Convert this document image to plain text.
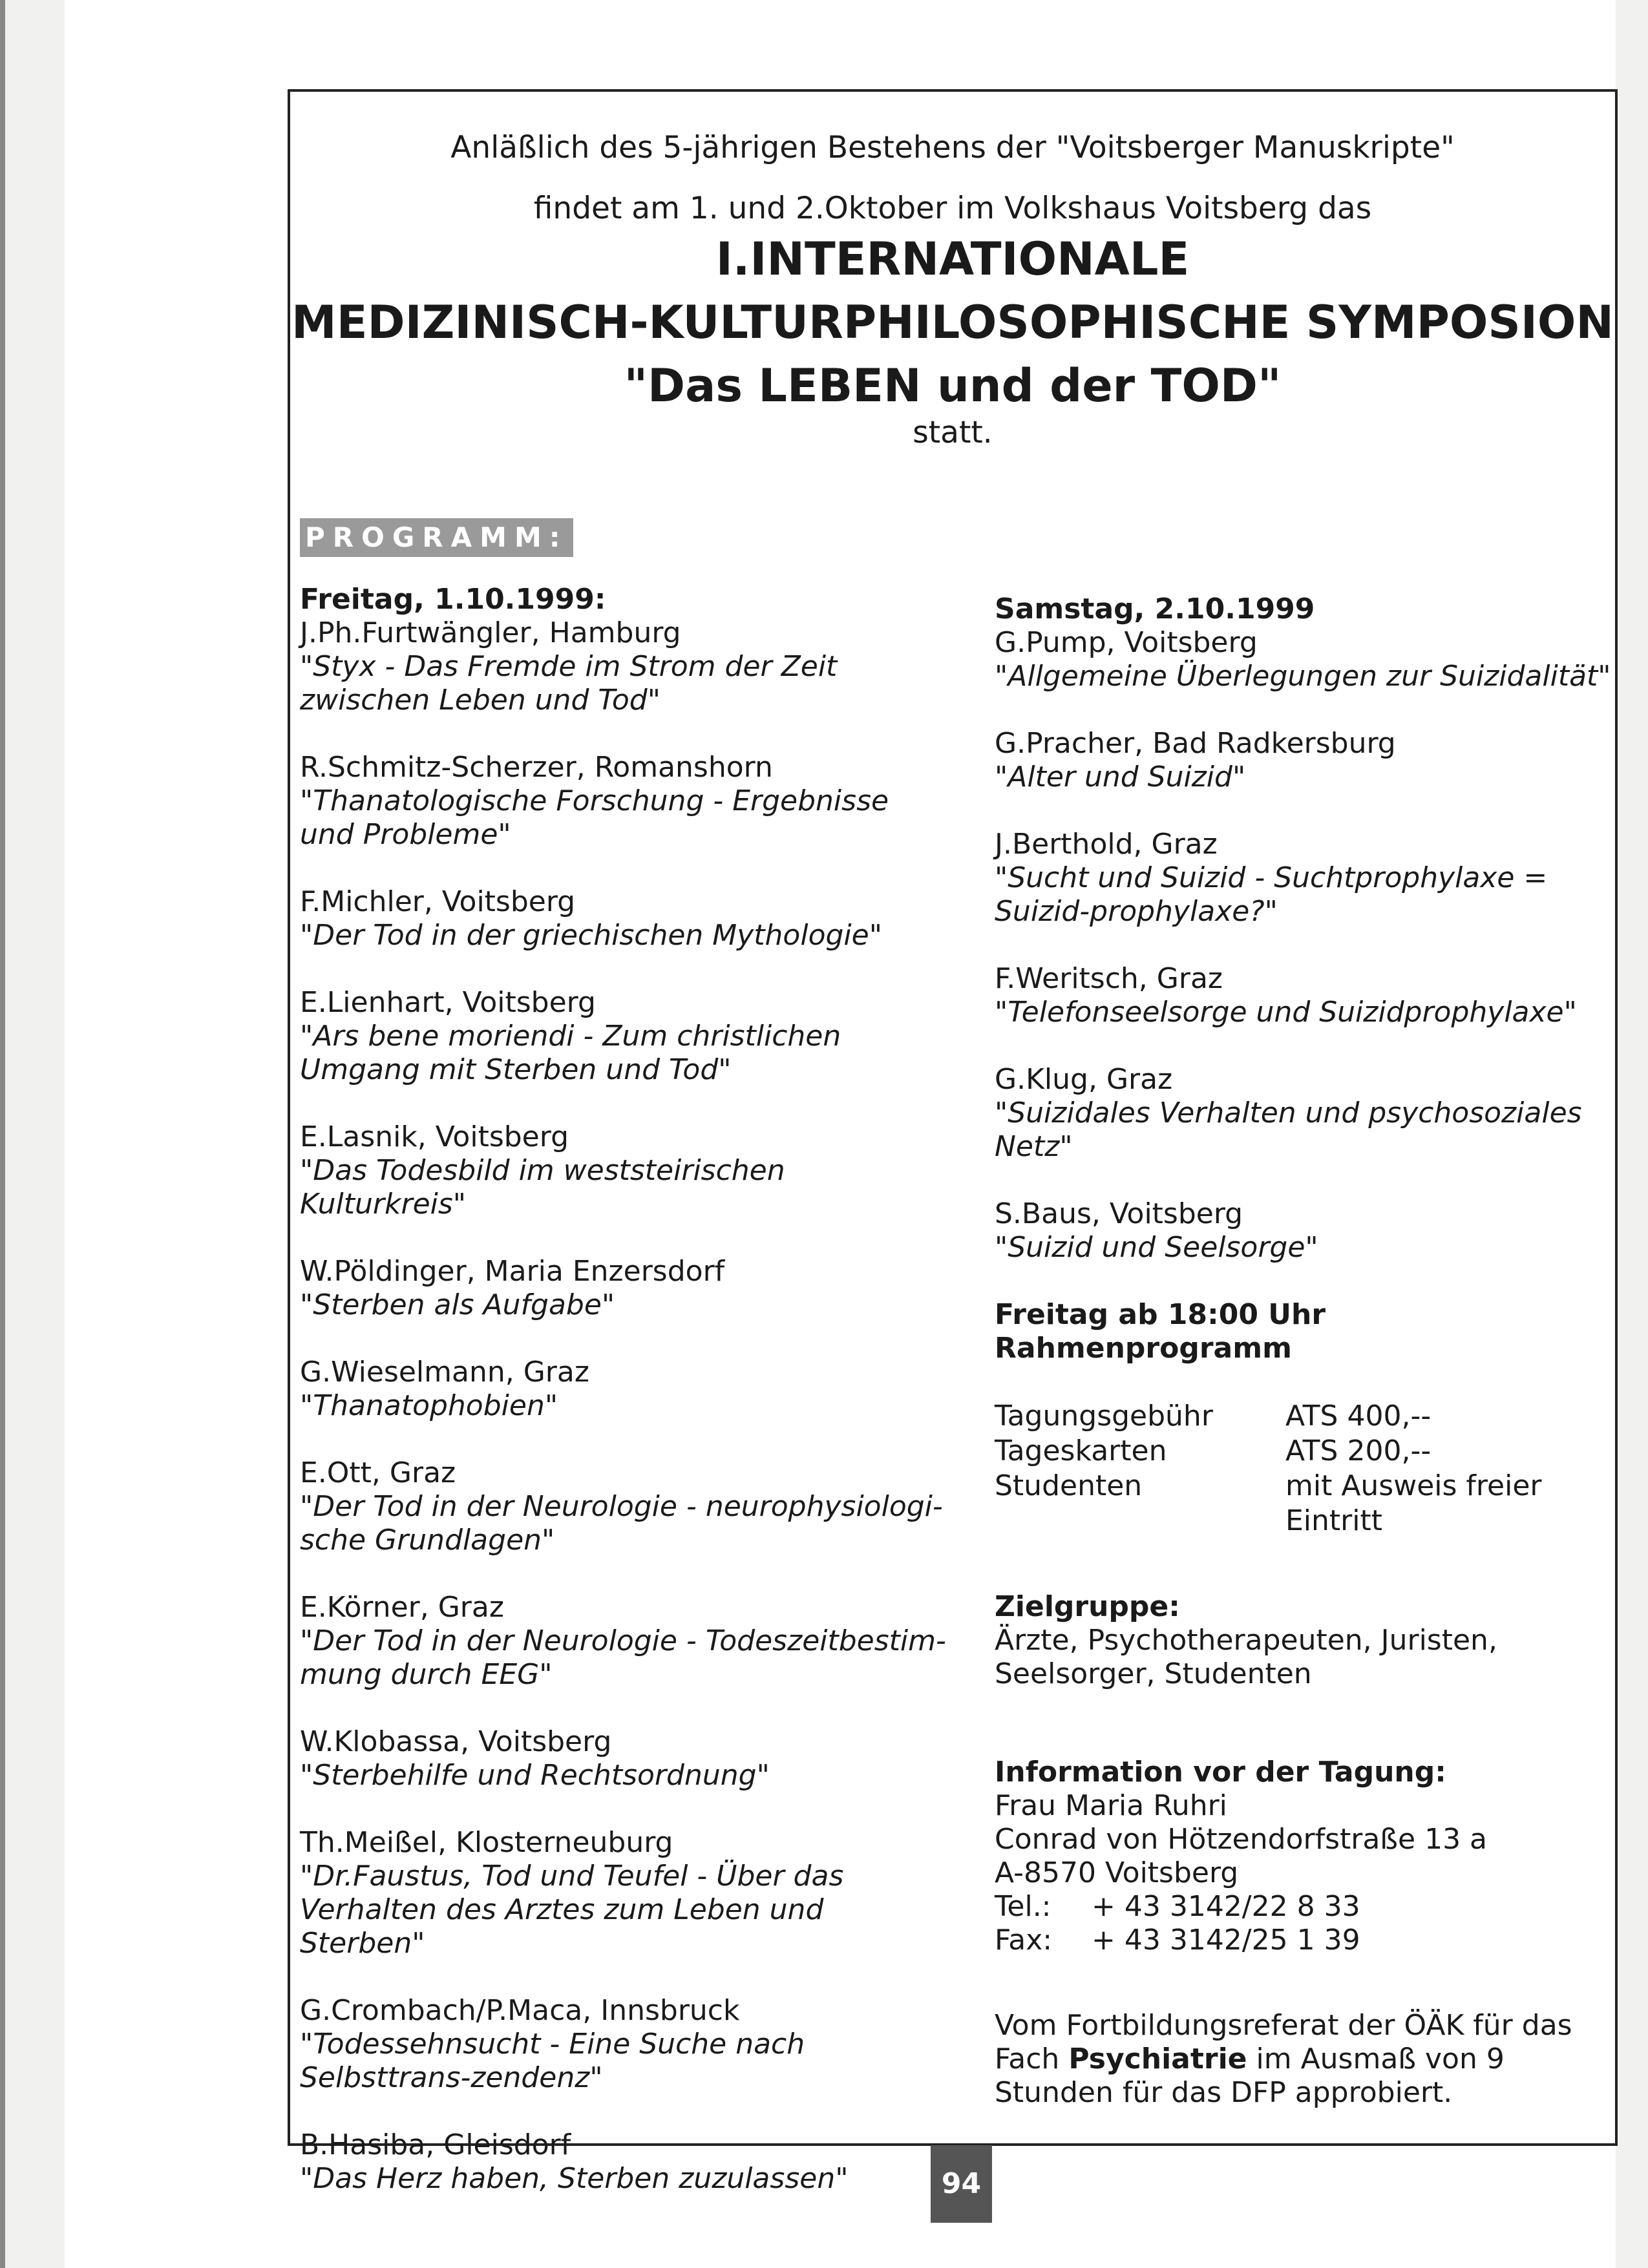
Anläßlich des 5-jährigen Bestehens der "Voitsberger Manuskripte"
findet am 1. und 2.Oktober im Volkshaus Voitsberg das
I.INTERNATIONALE
MEDIZINISCH-KULTURPHILOSOPHISCHE SYMPOSION
"Das LEBEN und der TOD"
statt.
PROGRAMM:
Freitag, 1.10.1999:
J.Ph.Furtwängler, Hamburg
"Styx - Das Fremde im Strom der Zeit zwischen Leben und Tod"
R.Schmitz-Scherzer, Romanshorn
"Thanatologische Forschung - Ergebnisse und Probleme"
F.Michler, Voitsberg
"Der Tod in der griechischen Mythologie"
E.Lienhart, Voitsberg
"Ars bene moriendi - Zum christlichen Umgang mit Sterben und Tod"
E.Lasnik, Voitsberg
"Das Todesbild im weststeirischen Kulturkreis"
W.Pöldinger, Maria Enzersdorf
"Sterben als Aufgabe"
G.Wieselmann, Graz
"Thanatophobien"
E.Ott, Graz
"Der Tod in der Neurologie - neurophysiologi-sche Grundlagen"
E.Körner, Graz
"Der Tod in der Neurologie - Todeszeitbestim-mung durch EEG"
W.Klobassa, Voitsberg
"Sterbehilfe und Rechtsordnung"
Th.Meißel, Klosterneuburg
"Dr.Faustus, Tod und Teufel - Über das Verhalten des Arztes zum Leben und Sterben"
G.Crombach/P.Maca, Innsbruck
"Todessehnsucht - Eine Suche nach Selbsttrans-zendenz"
B.Hasiba, Gleisdorf
"Das Herz haben, Sterben zuzulassen"
Samstag, 2.10.1999
G.Pump, Voitsberg
"Allgemeine Überlegungen zur Suizidalität"
G.Pracher, Bad Radkersburg
"Alter und Suizid"
J.Berthold, Graz
"Sucht und Suizid - Suchtprophylaxe = Suizid-prophylaxe?"
F.Weritsch, Graz
"Telefonseelsorge und Suizidprophylaxe"
G.Klug, Graz
"Suizidales Verhalten und psychosoziales Netz"
S.Baus, Voitsberg
"Suizid und Seelsorge"
Freitag ab 18:00 Uhr Rahmenprogramm
Tagungsgebühr	ATS 400,--
Tageskarten	ATS 200,--
Studenten	mit Ausweis freier Eintritt
Zielgruppe:
Ärzte, Psychotherapeuten, Juristen, Seelsorger, Studenten
Information vor der Tagung:
Frau Maria Ruhri
Conrad von Hötzendorfstraße 13 a
A-8570 Voitsberg
Tel.: + 43 3142/22 8 33
Fax: + 43 3142/25 1 39
Vom Fortbildungsreferat der ÖÄK für das Fach Psychiatrie im Ausmaß von 9 Stunden für das DFP approbiert.
94
